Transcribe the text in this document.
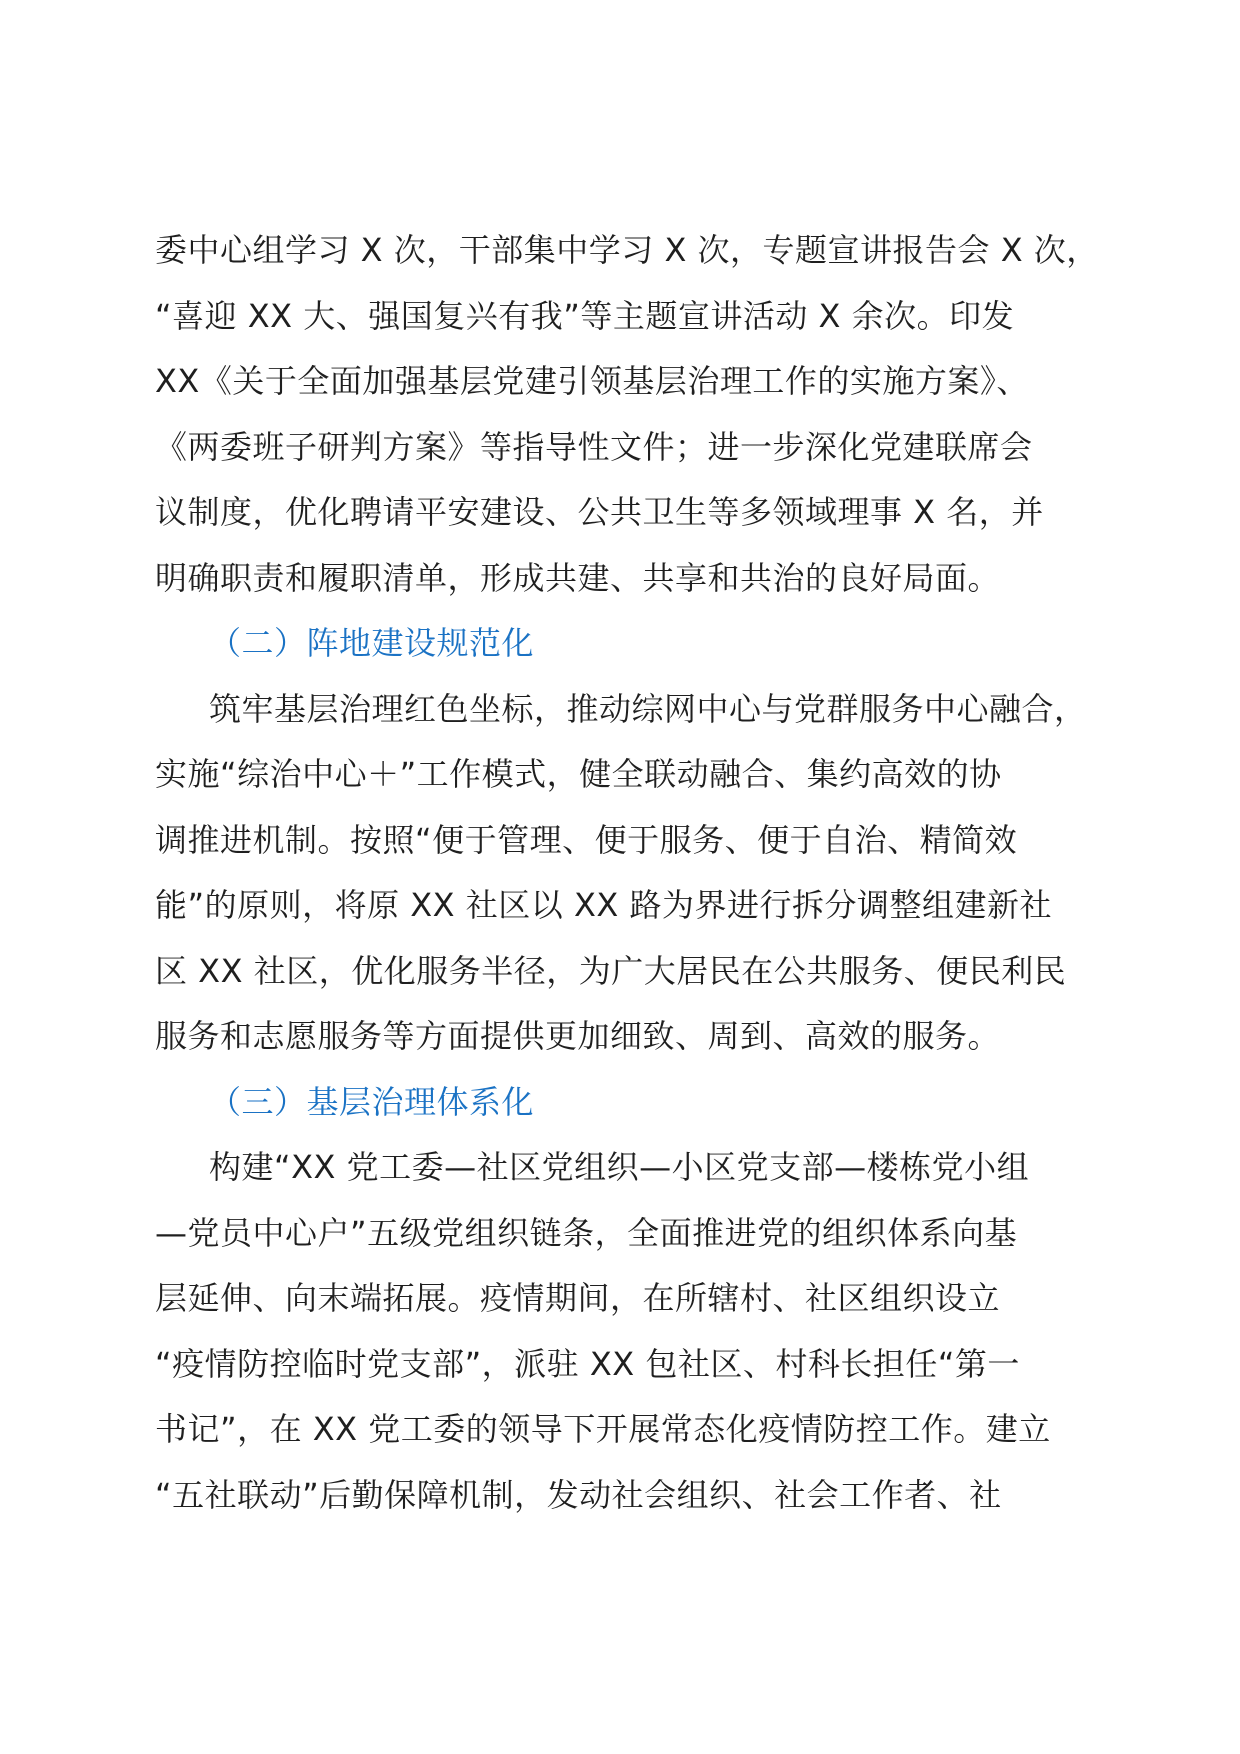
委中心组学习 X 次，干部集中学习 X 次，专题宣讲报告会 X 次，
“喜迎 XX 大、强国复兴有我”等主题宣讲活动 X 余次。印发
XX《关于全面加强基层党建引领基层治理工作的实施方案》、
《两委班子研判方案》等指导性文件；进一步深化党建联席会
议制度，优化聘请平安建设、公共卫生等多领域理事 X 名，并
明确职责和履职清单，形成共建、共享和共治的良好局面。
（二）阵地建设规范化
筑牢基层治理红色坐标，推动综网中心与党群服务中心融合，
实施“综治中心＋”工作模式，健全联动融合、集约高效的协
调推进机制。按照“便于管理、便于服务、便于自治、精简效
能”的原则，将原 XX 社区以 XX 路为界进行拆分调整组建新社
区 XX 社区，优化服务半径，为广大居民在公共服务、便民利民
服务和志愿服务等方面提供更加细致、周到、高效的服务。
（三）基层治理体系化
构建“XX 党工委—社区党组织—小区党支部—楼栋党小组
—党员中心户”五级党组织链条，全面推进党的组织体系向基
层延伸、向末端拓展。疫情期间，在所辖村、社区组织设立
“疫情防控临时党支部”，派驻 XX 包社区、村科长担任“第一
书记”，在 XX 党工委的领导下开展常态化疫情防控工作。建立
“五社联动”后勤保障机制，发动社会组织、社会工作者、社
